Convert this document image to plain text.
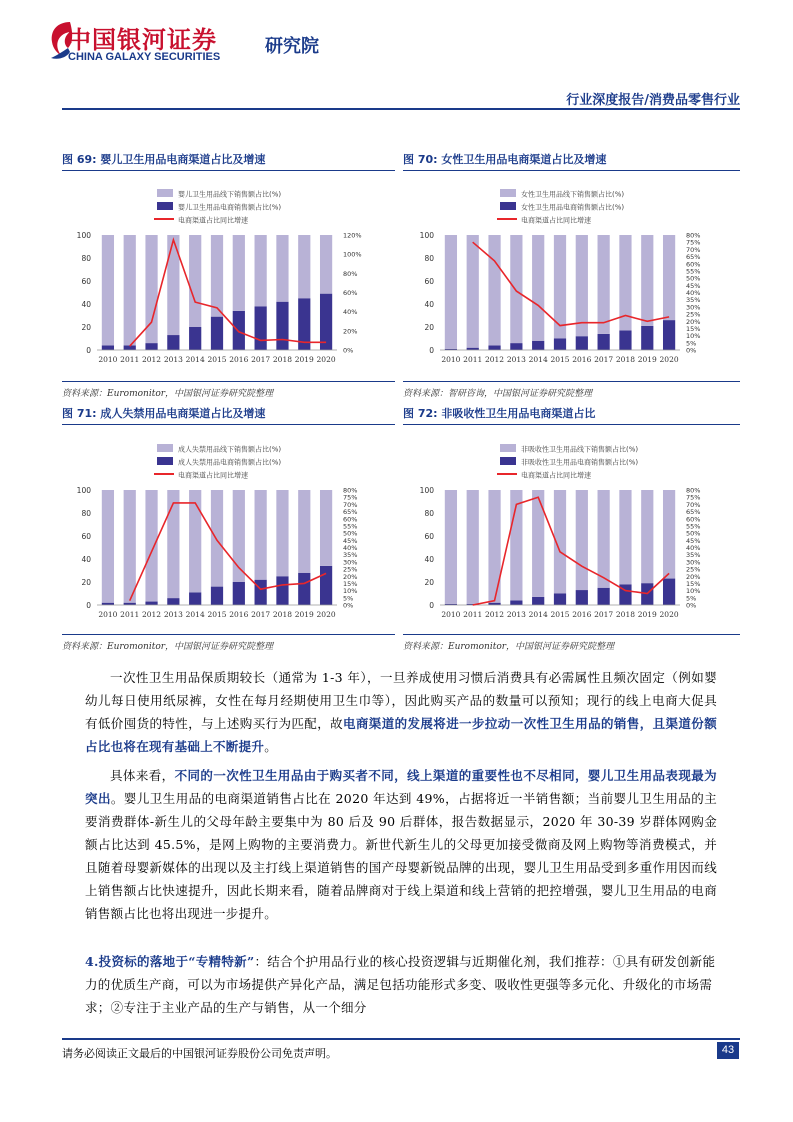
中国银河证券
CHINA GALAXY SECURITIES 研究院
行业深度报告/消费品零售行业
图 69: 婴儿卫生用品电商渠道占比及增速	图 70: 女性卫生用品电商渠道占比及增速
婴儿卫生用品线下销售额占比(%)
婴儿卫生用品电商销售额占比(%)
电商渠道占比同比增速
0
20
40
60
80
100
0%
20%
40%
60%
80%
100%
120%
2010 2011 2012 2013 2014 2015 2016 2017 2018 2019 2020
女性卫生用品线下销售额占比(%)
女性卫生用品电商销售额占比(%)
电商渠道占比同比增速
0
20
40
60
80
100
0%
5%
10%
15%
20%
25%
30%
35%
40%
45%
50%
55%
60%
65%
70%
75%
80%
2010 2011 2012 2013 2014 2015 2016 2017 2018 2019 2020
资料来源：Euromonitor，中国银河证券研究院整理	资料来源：智研咨询，中国银河证券研究院整理
图 71: 成人失禁用品电商渠道占比及增速	图 72: 非吸收性卫生用品电商渠道占比
成人失禁用品线下销售额占比(%)
成人失禁用品电商销售额占比(%)
电商渠道占比同比增速
0
20
40
60
80
100
0%
5%
10%
15%
20%
25%
30%
35%
40%
45%
50%
55%
60%
65%
70%
75%
80%
2010 2011 2012 2013 2014 2015 2016 2017 2018 2019 2020
非吸收性卫生用品线下销售额占比(%)
非吸收性卫生用品电商销售额占比(%)
电商渠道占比同比增速
0
20
40
60
80
100
0%
5%
10%
15%
20%
25%
30%
35%
40%
45%
50%
55%
60%
65%
70%
75%
80%
2010 2011 2012 2013 2014 2015 2016 2017 2018 2019 2020
资料来源：Euromonitor，中国银河证券研究院整理	资料来源：Euromonitor，中国银河证券研究院整理
一次性卫生用品保质期较长（通常为 1-3 年），一旦养成使用习惯后消费具有必需属性且频次固定（例如婴幼儿每日使用纸尿裤，女性在每月经期使用卫生巾等），因此购买产品的数量可以预知；现行的线上电商大促具有低价囤货的特性，与上述购买行为匹配，故电商渠道的发展将进一步拉动一次性卫生用品的销售，且渠道份额占比也将在现有基础上不断提升。
具体来看，不同的一次性卫生用品由于购买者不同，线上渠道的重要性也不尽相同，婴儿卫生用品表现最为突出。婴儿卫生用品的电商渠道销售占比在 2020 年达到 49%，占据将近一半销售额；当前婴儿卫生用品的主要消费群体-新生儿的父母年龄主要集中为 80 后及 90 后群体，报告数据显示，2020 年 30-39 岁群体网购金额占比达到 45.5%，是网上购物的主要消费力。新世代新生儿的父母更加接受微商及网上购物等消费模式，并且随着母婴新媒体的出现以及主打线上渠道销售的国产母婴新锐品牌的出现，婴儿卫生用品受到多重作用因而线上销售额占比快速提升，因此长期来看，随着品牌商对于线上渠道和线上营销的把控增强，婴儿卫生用品的电商销售额占比也将出现进一步提升。
4.投资标的落地于“专精特新”：结合个护用品行业的核心投资逻辑与近期催化剂，我们推荐：①具有研发创新能力的优质生产商，可以为市场提供产异化产品，满足包括功能形式多变、吸收性更强等多元化、升级化的市场需求；②专注于主业产品的生产与销售，从一个细分
请务必阅读正文最后的中国银河证券股份公司免责声明。	43
